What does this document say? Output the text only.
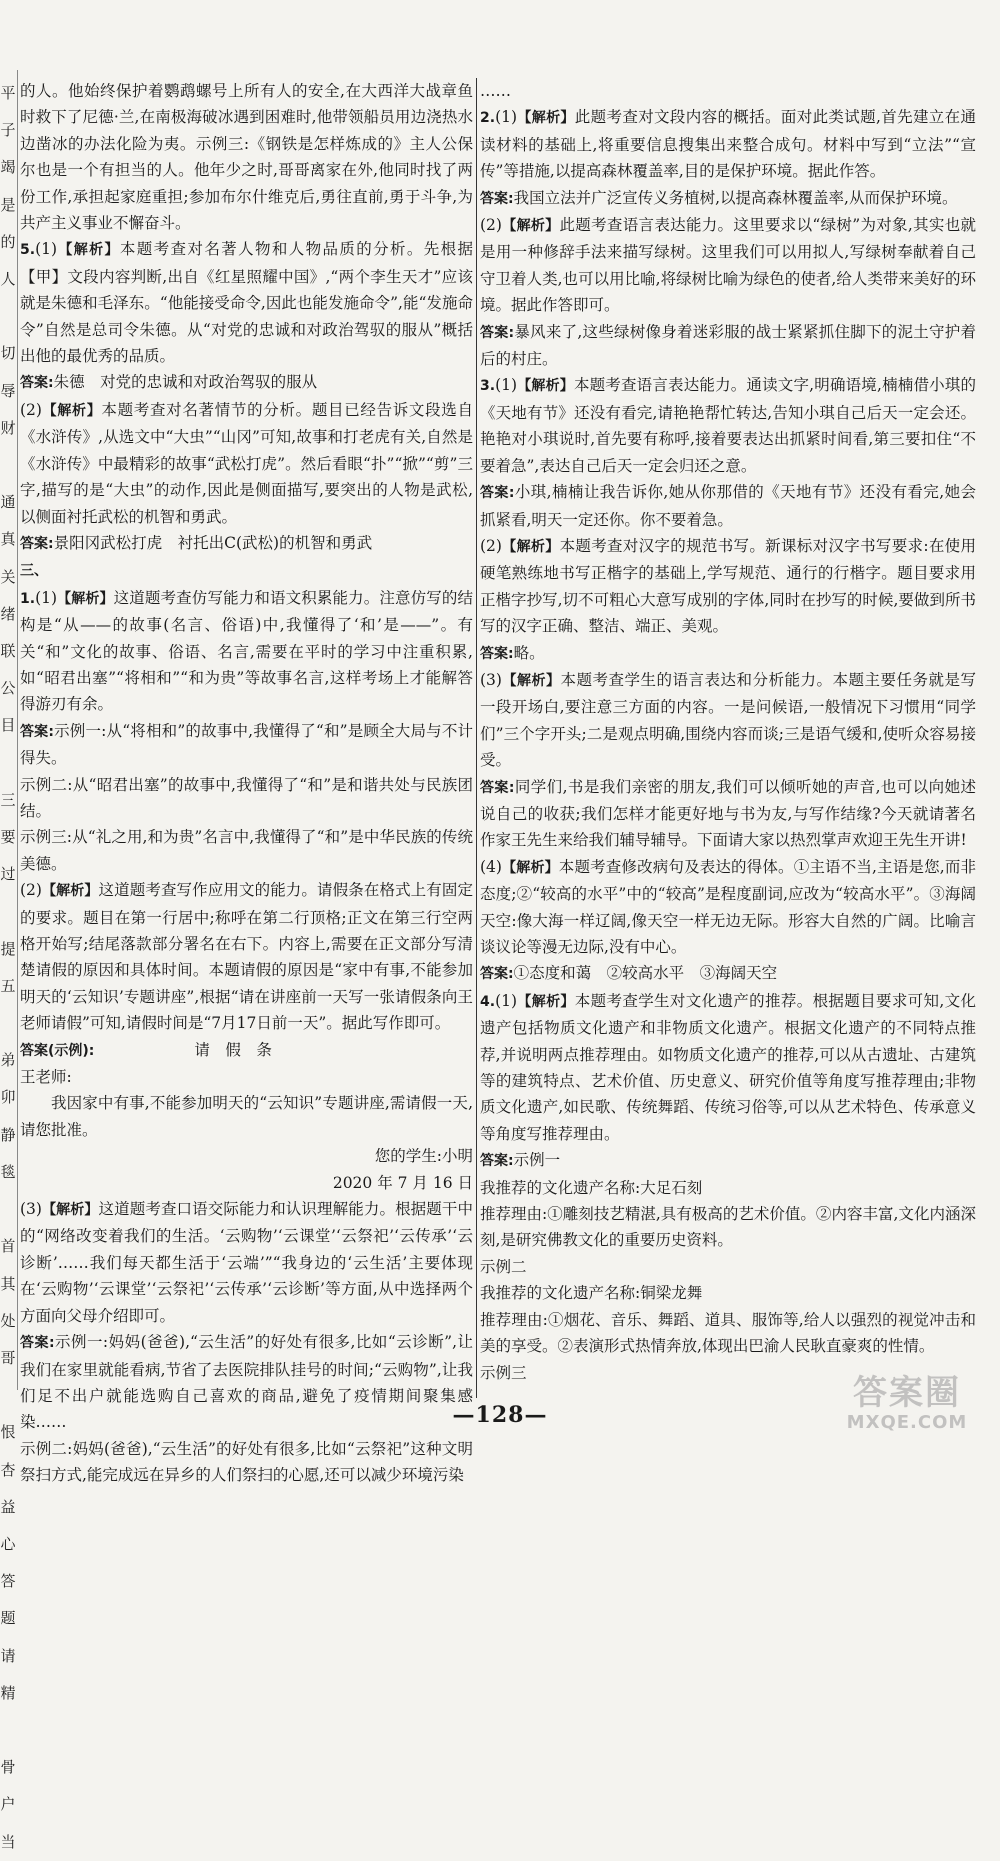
平
子
竭
是
的
人

切
辱
财

通
真
关
绪
联
公
目

三
要
过

提
五

弟
卯
静
毯

首
其
处
哥

恨
杏
益
心
答
题
请
精

骨
户
当

的人。他始终保护着鹦鹉螺号上所有人的安全,在大西洋大战章鱼时救下了尼德·兰,在南极海破冰遇到困难时,他带领船员用边浇热水边凿冰的办法化险为夷。示例三:《钢铁是怎样炼成的》主人公保尔也是一个有担当的人。他年少之时,哥哥离家在外,他同时找了两份工作,承担起家庭重担;参加布尔什维克后,勇往直前,勇于斗争,为共产主义事业不懈奋斗。

5.(1)【解析】本题考查对名著人物和人物品质的分析。先根据【甲】文段内容判断,出自《红星照耀中国》,“两个李生天才”应该就是朱德和毛泽东。“他能接受命令,因此也能发施命令”,能“发施命令”自然是总司令朱德。从“对党的忠诚和对政治驾驭的服从”概括出他的最优秀的品质。

答案:朱德　对党的忠诚和对政治驾驭的服从

(2)【解析】本题考查对名著情节的分析。题目已经告诉文段选自《水浒传》,从选文中“大虫”“山冈”可知,故事和打老虎有关,自然是《水浒传》中最精彩的故事“武松打虎”。然后看眼“扑”“掀”“剪”三字,描写的是“大虫”的动作,因此是侧面描写,要突出的人物是武松,以侧面衬托武松的机智和勇武。

答案:景阳冈武松打虎　衬托出C(武松)的机智和勇武

三、

1.(1)【解析】这道题考查仿写能力和语文积累能力。注意仿写的结构是“从——的故事(名言、俗语)中,我懂得了‘和’是——”。有关“和”文化的故事、俗语、名言,需要在平时的学习中注重积累,如“昭君出塞”“将相和”“和为贵”等故事名言,这样考场上才能解答得游刃有余。

答案:示例一:从“将相和”的故事中,我懂得了“和”是顾全大局与不计得失。

示例二:从“昭君出塞”的故事中,我懂得了“和”是和谐共处与民族团结。

示例三:从“礼之用,和为贵”名言中,我懂得了“和”是中华民族的传统美德。

(2)【解析】这道题考查写作应用文的能力。请假条在格式上有固定的要求。题目在第一行居中;称呼在第二行顶格;正文在第三行空两格开始写;结尾落款部分署名在右下。内容上,需要在正文部分写清楚请假的原因和具体时间。本题请假的原因是“家中有事,不能参加明天的‘云知识’专题讲座”,根据“请在讲座前一天写一张请假条向王老师请假”可知,请假时间是“7月17日前一天”。据此写作即可。

答案(示例):	请　假　条

王老师:

我因家中有事,不能参加明天的“云知识”专题讲座,需请假一天,请您批准。

您的学生:小明

2020 年 7 月 16 日

(3)【解析】这道题考查口语交际能力和认识理解能力。根据题干中的“网络改变着我们的生活。‘云购物’‘云课堂’‘云祭祀’‘云传承’‘云诊断’……我们每天都生活于‘云端’”“我身边的‘云生活’主要体现在‘云购物’‘云课堂’‘云祭祀’‘云传承’‘云诊断’等方面,从中选择两个方面向父母介绍即可。

答案:示例一:妈妈(爸爸),“云生活”的好处有很多,比如“云诊断”,让我们在家里就能看病,节省了去医院排队挂号的时间;“云购物”,让我们足不出户就能选购自己喜欢的商品,避免了疫情期间聚集感染……

示例二:妈妈(爸爸),“云生活”的好处有很多,比如“云祭祀”这种文明祭扫方式,能完成远在异乡的人们祭扫的心愿,还可以减少环境污染

……

2.(1)【解析】此题考查对文段内容的概括。面对此类试题,首先建立在通读材料的基础上,将重要信息搜集出来整合成句。材料中写到“立法”“宣传”等措施,以提高森林覆盖率,目的是保护环境。据此作答。

答案:我国立法并广泛宣传义务植树,以提高森林覆盖率,从而保护环境。

(2)【解析】此题考查语言表达能力。这里要求以“绿树”为对象,其实也就是用一种修辞手法来描写绿树。这里我们可以用拟人,写绿树奉献着自己守卫着人类,也可以用比喻,将绿树比喻为绿色的使者,给人类带来美好的环境。据此作答即可。

答案:暴风来了,这些绿树像身着迷彩服的战士紧紧抓住脚下的泥土守护着后的村庄。

3.(1)【解析】本题考查语言表达能力。通读文字,明确语境,楠楠借小琪的《天地有节》还没有看完,请艳艳帮忙转达,告知小琪自己后天一定会还。艳艳对小琪说时,首先要有称呼,接着要表达出抓紧时间看,第三要扣住“不要着急”,表达自己后天一定会归还之意。

答案:小琪,楠楠让我告诉你,她从你那借的《天地有节》还没有看完,她会抓紧看,明天一定还你。你不要着急。

(2)【解析】本题考查对汉字的规范书写。新课标对汉字书写要求:在使用硬笔熟练地书写正楷字的基础上,学写规范、通行的行楷字。题目要求用正楷字抄写,切不可粗心大意写成别的字体,同时在抄写的时候,要做到所书写的汉字正确、整洁、端正、美观。

答案:略。

(3)【解析】本题考查学生的语言表达和分析能力。本题主要任务就是写一段开场白,要注意三方面的内容。一是问候语,一般情况下习惯用“同学们”三个字开头;二是观点明确,围绕内容而谈;三是语气缓和,使听众容易接受。

答案:同学们,书是我们亲密的朋友,我们可以倾听她的声音,也可以向她述说自己的收获;我们怎样才能更好地与书为友,与写作结缘?今天就请著名作家王先生来给我们辅导辅导。下面请大家以热烈掌声欢迎王先生开讲!

(4)【解析】本题考查修改病句及表达的得体。①主语不当,主语是您,而非态度;②“较高的水平”中的“较高”是程度副词,应改为“较高水平”。③海阔天空:像大海一样辽阔,像天空一样无边无际。形容大自然的广阔。比喻言谈议论等漫无边际,没有中心。

答案:①态度和蔼　②较高水平　③海阔天空

4.(1)【解析】本题考查学生对文化遗产的推荐。根据题目要求可知,文化遗产包括物质文化遗产和非物质文化遗产。根据文化遗产的不同特点推荐,并说明两点推荐理由。如物质文化遗产的推荐,可以从古遗址、古建筑等的建筑特点、艺术价值、历史意义、研究价值等角度写推荐理由;非物质文化遗产,如民歌、传统舞蹈、传统习俗等,可以从艺术特色、传承意义等角度写推荐理由。

答案:示例一

我推荐的文化遗产名称:大足石刻

推荐理由:①雕刻技艺精湛,具有极高的艺术价值。②内容丰富,文化内涵深刻,是研究佛教文化的重要历史资料。

示例二

我推荐的文化遗产名称:铜梁龙舞

推荐理由:①烟花、音乐、舞蹈、道具、服饰等,给人以强烈的视觉冲击和美的享受。②表演形式热情奔放,体现出巴渝人民耿直豪爽的性情。

示例三

—128—
答案圈
MXQE.COM
